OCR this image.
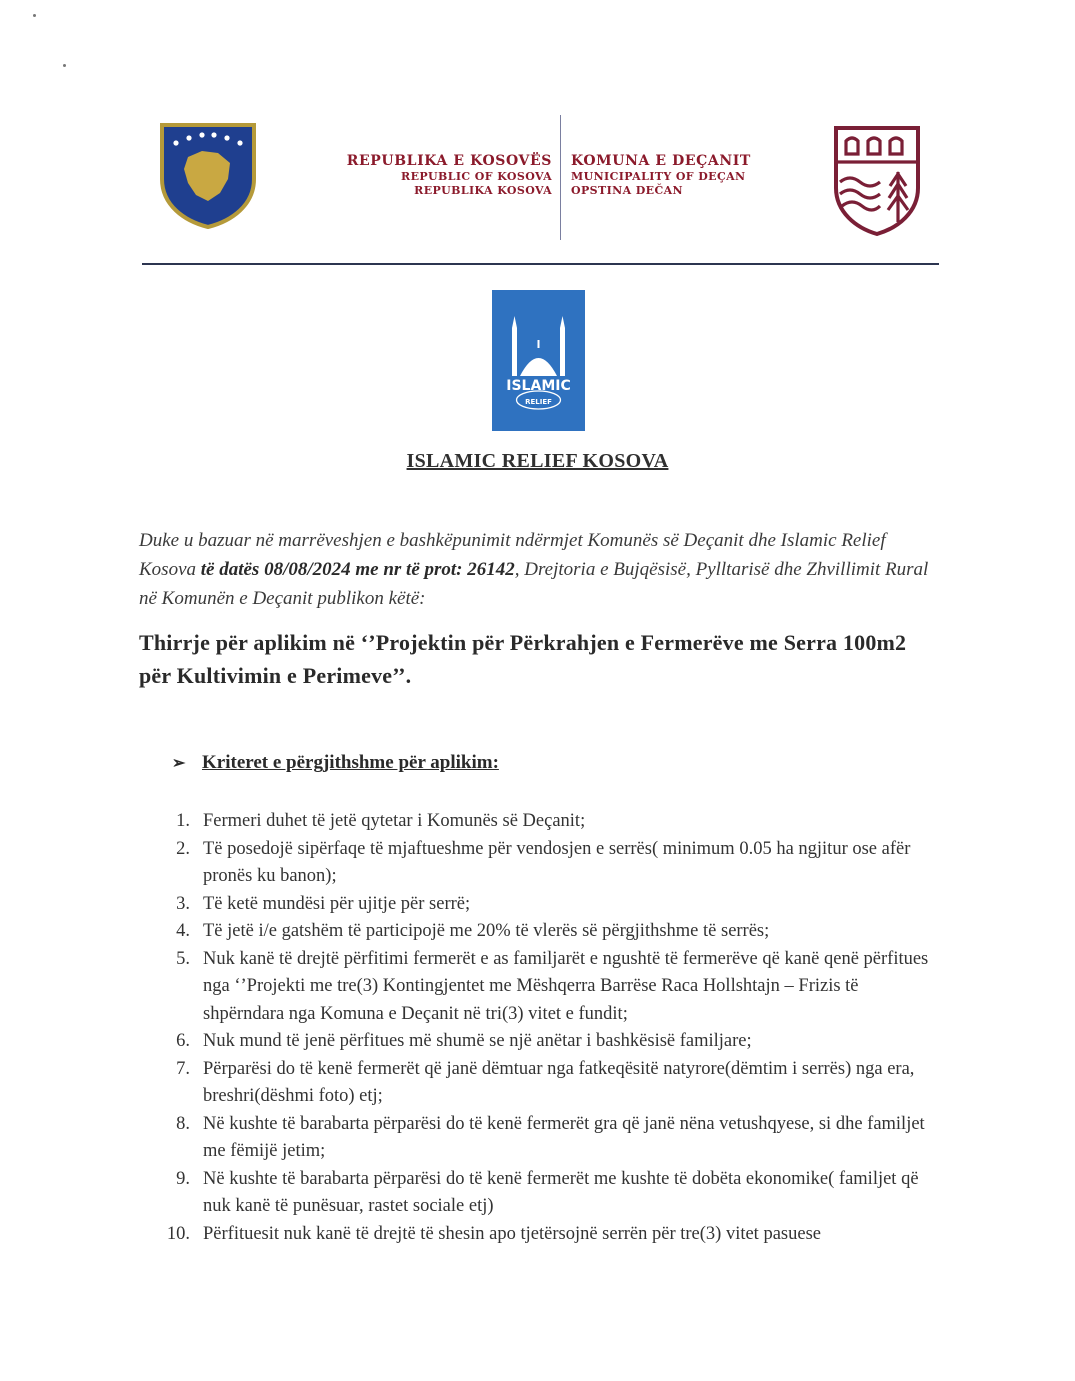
REPUBLIKA E KOSOVËS
REPUBLIC OF KOSOVA
REPUBLIKA KOSOVA
KOMUNA E DEÇANIT
MUNICIPALITY OF DEÇAN
OPSTINA DEČAN
ISLAMIC
RELIEF
ISLAMIC RELIEF KOSOVA
Duke u bazuar në marrëveshjen e bashkëpunimit ndërmjet Komunës së Deçanit dhe Islamic Relief Kosova të datës 08/08/2024 me nr të prot: 26142, Drejtoria e Bujqësisë, Pylltarisë dhe Zhvillimit Rural në Komunën e Deçanit publikon këtë:
Thirrje për aplikim në ‘’Projektin për Përkrahjen e Fermerëve me Serra 100m2 për Kultivimin e Perimeve’’.
➢ Kriteret e përgjithshme për aplikim:
1. Fermeri duhet të jetë qytetar i Komunës së Deçanit;
2. Të posedojë sipërfaqe të mjaftueshme për vendosjen e serrës( minimum 0.05 ha ngjitur ose afër pronës ku banon);
3. Të ketë mundësi për ujitje për serrë;
4. Të jetë i/e gatshëm të participojë me 20% të vlerës së përgjithshme të serrës;
5. Nuk kanë të drejtë përfitimi fermerët e as familjarët e ngushtë të fermerëve që kanë qenë përfitues nga ‘’Projekti me tre(3) Kontingjentet me Mëshqerra Barrëse Raca Hollshtajn – Frizis të shpërndara nga Komuna e Deçanit në tri(3) vitet e fundit;
6. Nuk mund të jenë përfitues më shumë se një anëtar i bashkësisë familjare;
7. Përparësi do të kenë fermerët që janë dëmtuar nga fatkeqësitë natyrore(dëmtim i serrës) nga era, breshri(dëshmi foto) etj;
8. Në kushte të barabarta përparësi do të kenë fermerët gra që janë nëna vetushqyese, si dhe familjet me fëmijë jetim;
9. Në kushte të barabarta përparësi do të kenë fermerët me kushte të dobëta ekonomike( familjet që nuk kanë të punësuar, rastet sociale etj)
10. Përfituesit nuk kanë të drejtë të shesin apo tjetërsojnë serrën për tre(3) vitet pasuese
